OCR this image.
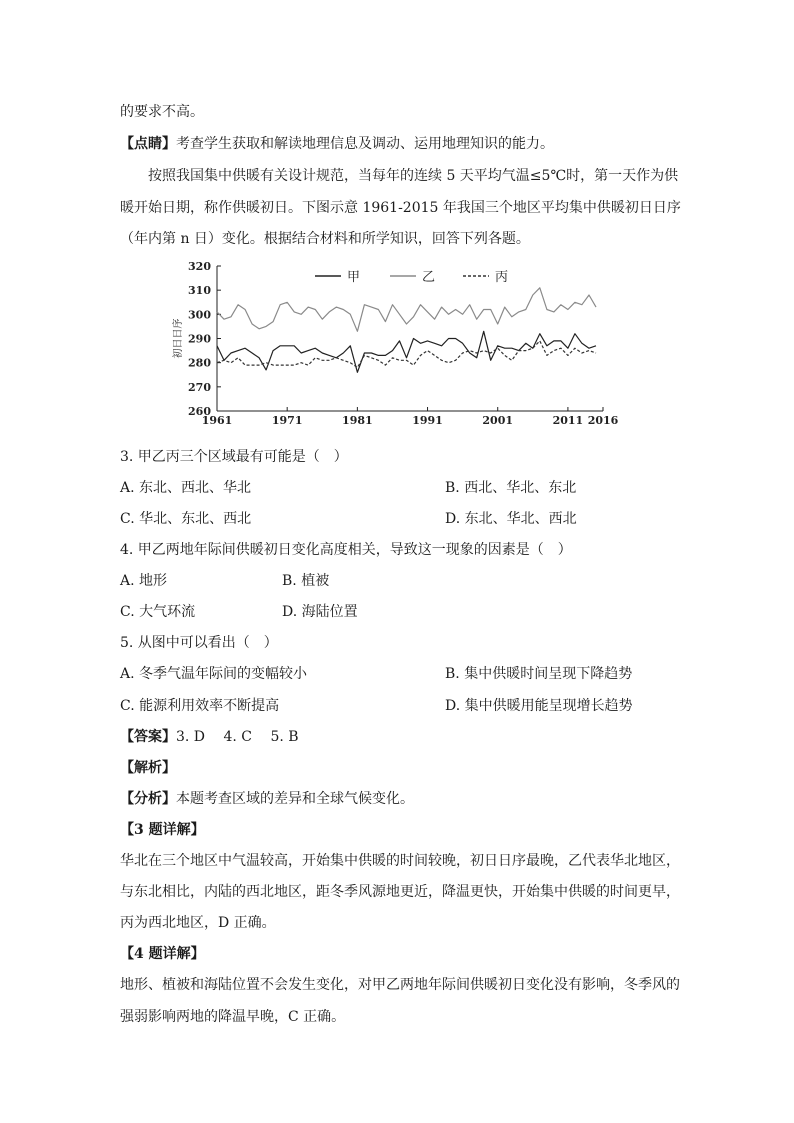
的要求不高。
【点睛】考查学生获取和解读地理信息及调动、运用地理知识的能力。
按照我国集中供暖有关设计规范，当每年的连续 5 天平均气温≤5℃时，第一天作为供
暖开始日期，称作供暖初日。下图示意 1961-2015 年我国三个地区平均集中供暖初日日序
（年内第 n 日）变化。根据结合材料和所学知识，回答下列各题。
320
310
300
290
280
270
260
1961	1971	1981	1991	2001	2011 2016
初日日序
甲	乙	丙
3. 甲乙丙三个区域最有可能是（　）
A. 东北、西北、华北	B. 西北、华北、东北
C. 华北、东北、西北	D. 东北、华北、西北
4. 甲乙两地年际间供暖初日变化高度相关，导致这一现象的因素是（　）
A. 地形	B. 植被
C. 大气环流	D. 海陆位置
5. 从图中可以看出（　）
A. 冬季气温年际间的变幅较小	B. 集中供暖时间呈现下降趋势
C. 能源利用效率不断提高	D. 集中供暖用能呈现增长趋势
【答案】3. D　 4. C　 5. B
【解析】
【分析】本题考查区域的差异和全球气候变化。
【3 题详解】
华北在三个地区中气温较高，开始集中供暖的时间较晚，初日日序最晚，乙代表华北地区，
与东北相比，内陆的西北地区，距冬季风源地更近，降温更快，开始集中供暖的时间更早，
丙为西北地区，D 正确。
【4 题详解】
地形、植被和海陆位置不会发生变化，对甲乙两地年际间供暖初日变化没有影响，冬季风的
强弱影响两地的降温早晚，C 正确。
